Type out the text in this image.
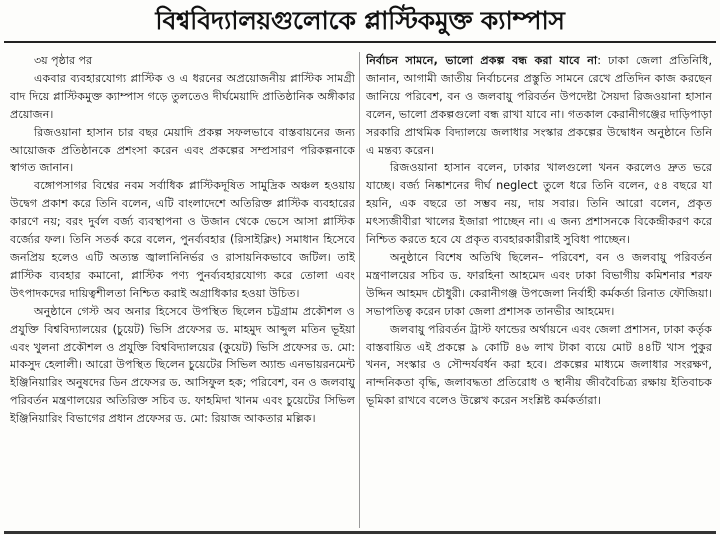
বিশ্ববিদ্যালয়গুলোকে প্লাস্টিকমুক্ত ক্যাম্পাস

৩য় পৃষ্ঠার পর

একবার ব্যবহারযোগ্য প্লাস্টিক ও এ ধরনের অপ্রয়োজনীয় প্লাস্টিক সামগ্রী বাদ দিয়ে প্লাস্টিকমুক্ত ক্যাম্পাস গড়ে তুলতেও দীর্ঘমেয়াদি প্রাতিষ্ঠানিক অঙ্গীকার প্রয়োজন।

রিজওয়ানা হাসান চার বছর মেয়াদি প্রকল্প সফলভাবে বাস্তবায়নের জন্য আয়োজক প্রতিষ্ঠানকে প্রশংসা করেন এবং প্রকল্পের সম্প্রসারণ পরিকল্পনাকে স্বাগত জানান।

বঙ্গোপসাগর বিশ্বের নবম সর্বাধিক প্লাস্টিকদূষিত সামুদ্রিক অঞ্চল হওয়ায় উদ্বেগ প্রকাশ করে তিনি বলেন, এটি বাংলাদেশে অতিরিক্ত প্লাস্টিক ব্যবহারের কারণে নয়; বরং দুর্বল বর্জ্য ব্যবস্থাপনা ও উজান থেকে ভেসে আসা প্লাস্টিক বর্জ্যের ফল। তিনি সতর্ক করে বলেন, পুনর্ব্যবহার (রিসাইক্লিং) সমাধান হিসেবে জনপ্রিয় হলেও এটি অত্যন্ত জ্বালানিনির্ভর ও রাসায়নিকভাবে জটিল। তাই প্লাস্টিক ব্যবহার কমানো, প্লাস্টিক পণ্য পুনর্ব্যবহারযোগ্য করে তোলা এবং উৎপাদকদের দায়িত্বশীলতা নিশ্চিত করাই অগ্রাধিকার হওয়া উচিত।

অনুষ্ঠানে গেস্ট অব অনার হিসেবে উপস্থিত ছিলেন চট্টগ্রাম প্রকৌশল ও প্রযুক্তি বিশ্ববিদ্যালয়ের (চুয়েট) ভিসি প্রফেসর ড. মাহমুদ আব্দুল মতিন ভূইয়া এবং খুলনা প্রকৌশল ও প্রযুক্তি বিশ্ববিদ্যালয়ের (কুয়েট) ভিসি প্রফেসর ড. মো: মাকসুদ হেলালী। আরো উপস্থিত ছিলেন চুয়েটের সিভিল অ্যান্ড এনভায়রনমেন্ট ইঞ্জিনিয়ারিং অনুষদের ডিন প্রফেসর ড. আসিফুল হক; পরিবেশ, বন ও জলবায়ু পরিবর্তন মন্ত্রণালয়ের অতিরিক্ত সচিব ড. ফাহমিদা খানম এবং চুয়েটের সিভিল ইঞ্জিনিয়ারিং বিভাগের প্রধান প্রফেসর ড. মো: রিয়াজ আকতার মল্লিক।

নির্বাচন সামনে, ভালো প্রকল্প বন্ধ করা যাবে না: ঢাকা জেলা প্রতিনিধি, জানান, আগামী জাতীয় নির্বাচনের প্রস্তুতি সামনে রেখে প্রতিদিন কাজ করছেন জানিয়ে পরিবেশ, বন ও জলবায়ু পরিবর্তন উপদেষ্টা সৈয়দা রিজওয়ানা হাসান বলেন, ভালো প্রকল্পগুলো বন্ধ রাখা যাবে না। গতকাল কেরানীগঞ্জের দাড়িপাড়া সরকারি প্রাথমিক বিদ্যালয়ে জলাধার সংস্কার প্রকল্পের উদ্বোধন অনুষ্ঠানে তিনি এ মন্তব্য করেন।

রিজওয়ানা হাসান বলেন, ঢাকার খালগুলো খনন করলেও দ্রুত ভরে যাচ্ছে। বর্জ্য নিষ্কাশনের দীর্ঘ neglect তুলে ধরে তিনি বলেন, ৫৪ বছরে যা হয়নি, এক বছরে তা সম্ভব নয়, দায় সবার। তিনি আরো বলেন, প্রকৃত মৎস্যজীবীরা খালের ইজারা পাচ্ছেন না। এ জন্য প্রশাসনকে বিকেন্দ্রীকরণ করে নিশ্চিত করতে হবে যে প্রকৃত ব্যবহারকারীরাই সুবিধা পাচ্ছেন।

অনুষ্ঠানে বিশেষ অতিথি ছিলেন– পরিবেশ, বন ও জলবায়ু পরিবর্তন মন্ত্রণালয়ের সচিব ড. ফারহিনা আহমেদ এবং ঢাকা বিভাগীয় কমিশনার শরফ উদ্দিন আহমদ চৌধুরী। কেরানীগঞ্জ উপজেলা নির্বাহী কর্মকর্তা রিনাত ফৌজিয়া। সভাপতিত্ব করেন ঢাকা জেলা প্রশাসক তানভীর আহমেদ।

জলবায়ু পরিবর্তন ট্রাস্ট ফান্ডের অর্থায়নে এবং জেলা প্রশাসন, ঢাকা কর্তৃক বাস্তবায়িত এই প্রকল্পে ৯ কোটি ৪৬ লাখ টাকা ব্যয়ে মোট ৪৪টি খাস পুকুর খনন, সংস্কার ও সৌন্দর্যবর্ধন করা হবে। প্রকল্পের মাধ্যমে জলাধার সংরক্ষণ, নান্দনিকতা বৃদ্ধি, জলাবদ্ধতা প্রতিরোধ ও স্থানীয় জীববৈচিত্র্য রক্ষায় ইতিবাচক ভূমিকা রাখবে বলেও উল্লেখ করেন সংশ্লিষ্ট কর্মকর্তারা।
